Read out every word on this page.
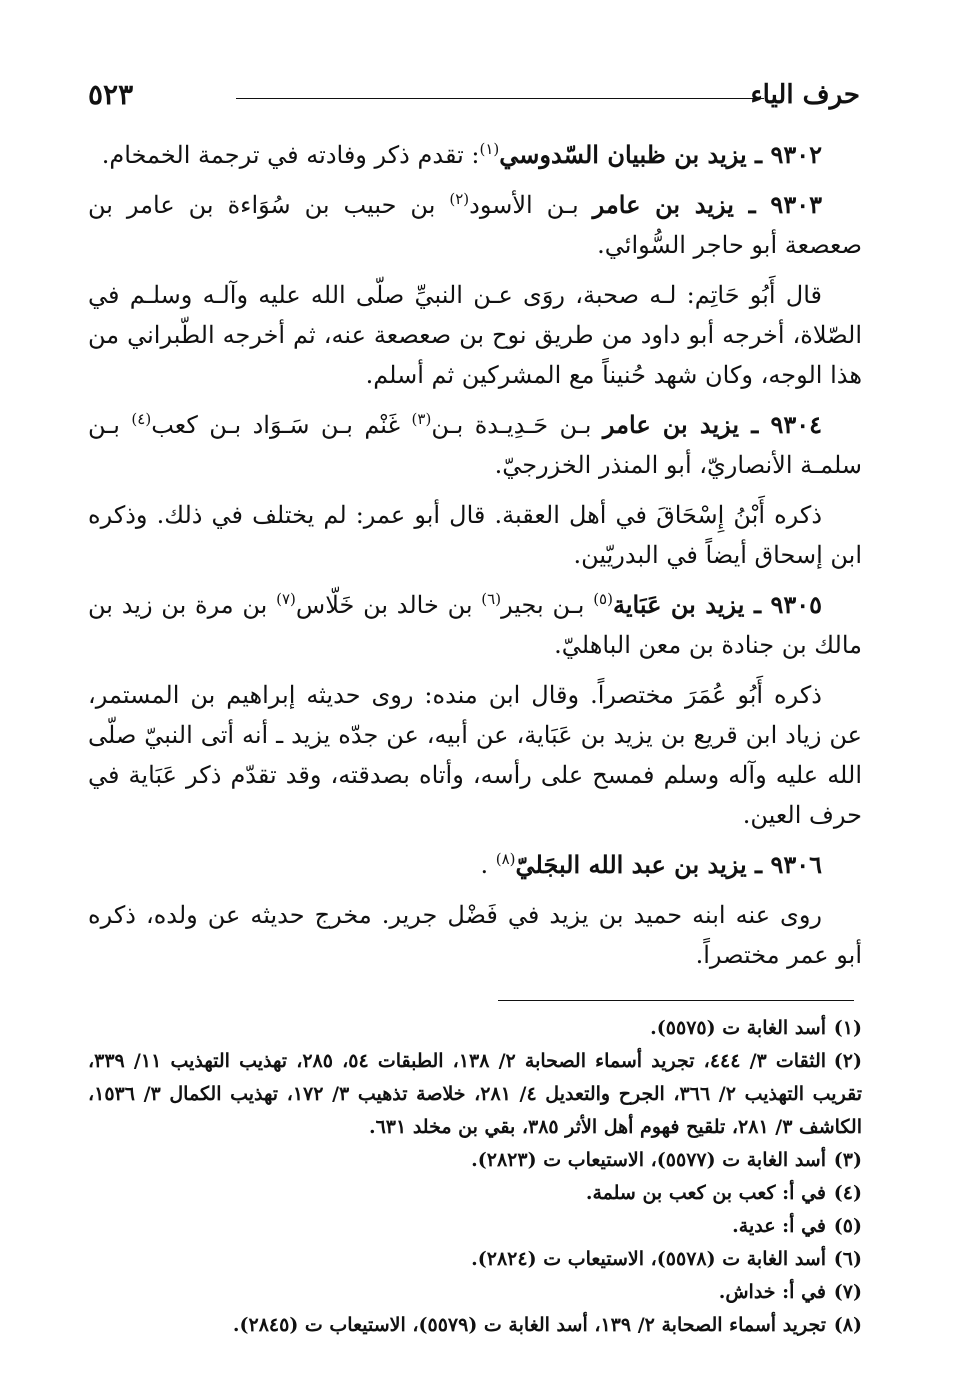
حرف الياء
٥٢٣

٩٣٠٢ ـ يزيد بن ظبيان السّدوسي$^{(١)}$: تقدم ذكر وفادته في ترجمة الخمخام.

٩٣٠٣ ـ يزيد بن عامر بـن الأسود$^{(٢)}$ بن حبيب بن سُوَاءة بن عامر بن صعصعة أبو حاجر السُّوائي.

قال أَبُو حَاتِم: لـه صحبة، روَى عـن النبيِّ صلّى الله عليه وآلـه وسلـم في الصّلاة، أخرجه أبو داود من طريق نوح بن صعصعة عنه، ثم أخرجه الطّبراني من هذا الوجه، وكان شهد حُنيناً مع المشركين ثم أسلم.

٩٣٠٤ ـ يزيد بن عامر بـن حَـدِيـدة بـن$^{(٣)}$ غَنْم بـن سَـوَاد بـن كعب$^{(٤)}$ بـن سلمـة الأنصاريّ، أبو المنذر الخزرجيّ.

ذكره أَبْنُ إِسْحَاقَ في أهل العقبة. قال أبو عمر: لم يختلف في ذلك. وذكره ابن إسحاق أيضاً في البدريّين.

٩٣٠٥ ـ يزيد بن عَبَاية$^{(٥)}$ بـن بجير$^{(٦)}$ بن خالد بن خَلّاس$^{(٧)}$ بن مرة بن زيد بن مالك بن جنادة بن معن الباهليّ.

ذكره أَبُو عُمَرَ مختصراً. وقال ابن منده: روى حديثه إبراهيم بن المستمر، عن زياد ابن قريع بن يزيد بن عَبَاية، عن أبيه، عن جدّه يزيد ـ أنه أتى النبيّ صلّى الله عليه وآله وسلم فمسح على رأسه، وأتاه بصدقته، وقد تقدّم ذكر عَبَاية في حرف العين.

٩٣٠٦ ـ يزيد بن عبد الله البجَليّ$^{(٨)}$ .

روى عنه ابنه حميد بن يزيد في فَضْل جرير. مخرج حديثه عن ولده، ذكره أبو عمر مختصراً.

(١)أسد الغابة ت (٥٥٧٥).

(٢)الثقات ٣/ ٤٤٤، تجريد أسماء الصحابة ٢/ ١٣٨، الطبقات ٥٤، ٢٨٥، تهذيب التهذيب ١١/ ٣٣٩، تقريب التهذيب ٢/ ٣٦٦، الجرح والتعديل ٤/ ٢٨١، خلاصة تذهيب ٣/ ١٧٢، تهذيب الكمال ٣/ ١٥٣٦، الكاشف ٣/ ٢٨١، تلقيح فهوم أهل الأثر ٣٨٥، بقي بن مخلد ٦٣١.

(٣)أسد الغابة ت (٥٥٧٧)، الاستيعاب ت (٢٨٢٣).

(٤)في أ: كعب بن كعب بن سلمة.

(٥)في أ: عدية.

(٦)أسد الغابة ت (٥٥٧٨)، الاستيعاب ت (٢٨٢٤).

(٧)في أ: خداش.

(٨)تجريد أسماء الصحابة ٢/ ١٣٩، أسد الغابة ت (٥٥٧٩)، الاستيعاب ت (٢٨٤٥).
